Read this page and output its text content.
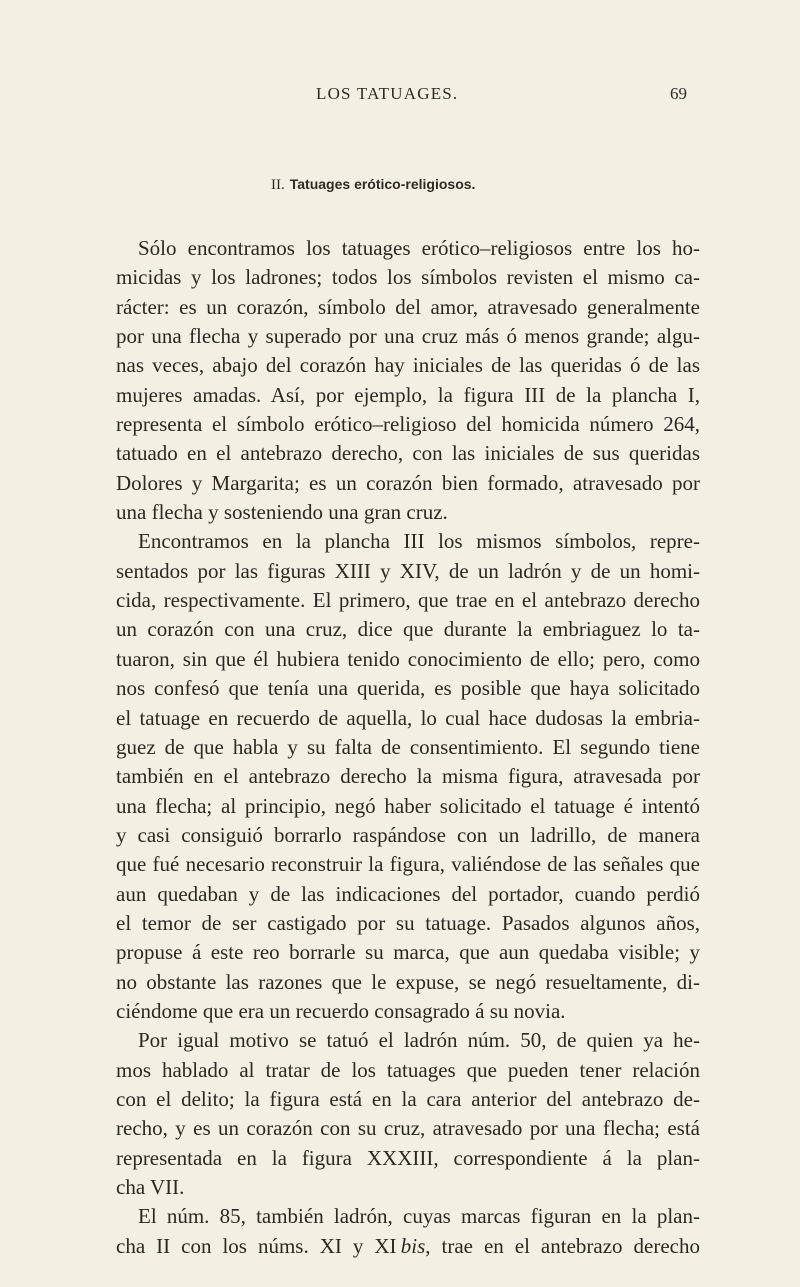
LOS TATUAGES.	69
II. Tatuages erótico-religiosos.
Sólo encontramos los tatuages erótico–religiosos entre los ho-
micidas y los ladrones; todos los símbolos revisten el mismo ca-
rácter: es un corazón, símbolo del amor, atravesado generalmente
por una flecha y superado por una cruz más ó menos grande; algu-
nas veces, abajo del corazón hay iniciales de las queridas ó de las
mujeres amadas. Así, por ejemplo, la figura III de la plancha I,
representa el símbolo erótico–religioso del homicida número 264,
tatuado en el antebrazo derecho, con las iniciales de sus queridas
Dolores y Margarita; es un corazón bien formado, atravesado por
una flecha y sosteniendo una gran cruz.
Encontramos en la plancha III los mismos símbolos, repre-
sentados por las figuras XIII y XIV, de un ladrón y de un homi-
cida, respectivamente. El primero, que trae en el antebrazo derecho
un corazón con una cruz, dice que durante la embriaguez lo ta-
tuaron, sin que él hubiera tenido conocimiento de ello; pero, como
nos confesó que tenía una querida, es posible que haya solicitado
el tatuage en recuerdo de aquella, lo cual hace dudosas la embria-
guez de que habla y su falta de consentimiento. El segundo tiene
también en el antebrazo derecho la misma figura, atravesada por
una flecha; al principio, negó haber solicitado el tatuage é intentó
y casi consiguió borrarlo raspándose con un ladrillo, de manera
que fué necesario reconstruir la figura, valiéndose de las señales que
aun quedaban y de las indicaciones del portador, cuando perdió
el temor de ser castigado por su tatuage. Pasados algunos años,
propuse á este reo borrarle su marca, que aun quedaba visible; y
no obstante las razones que le expuse, se negó resueltamente, di-
ciéndome que era un recuerdo consagrado á su novia.
Por igual motivo se tatuó el ladrón núm. 50, de quien ya he-
mos hablado al tratar de los tatuages que pueden tener relación
con el delito; la figura está en la cara anterior del antebrazo de-
recho, y es un corazón con su cruz, atravesado por una flecha; está
representada en la figura XXXIII, correspondiente á la plan-
cha VII.
El núm. 85, también ladrón, cuyas marcas figuran en la plan-
cha II con los núms. XI y XI  bis, trae en el antebrazo derecho
